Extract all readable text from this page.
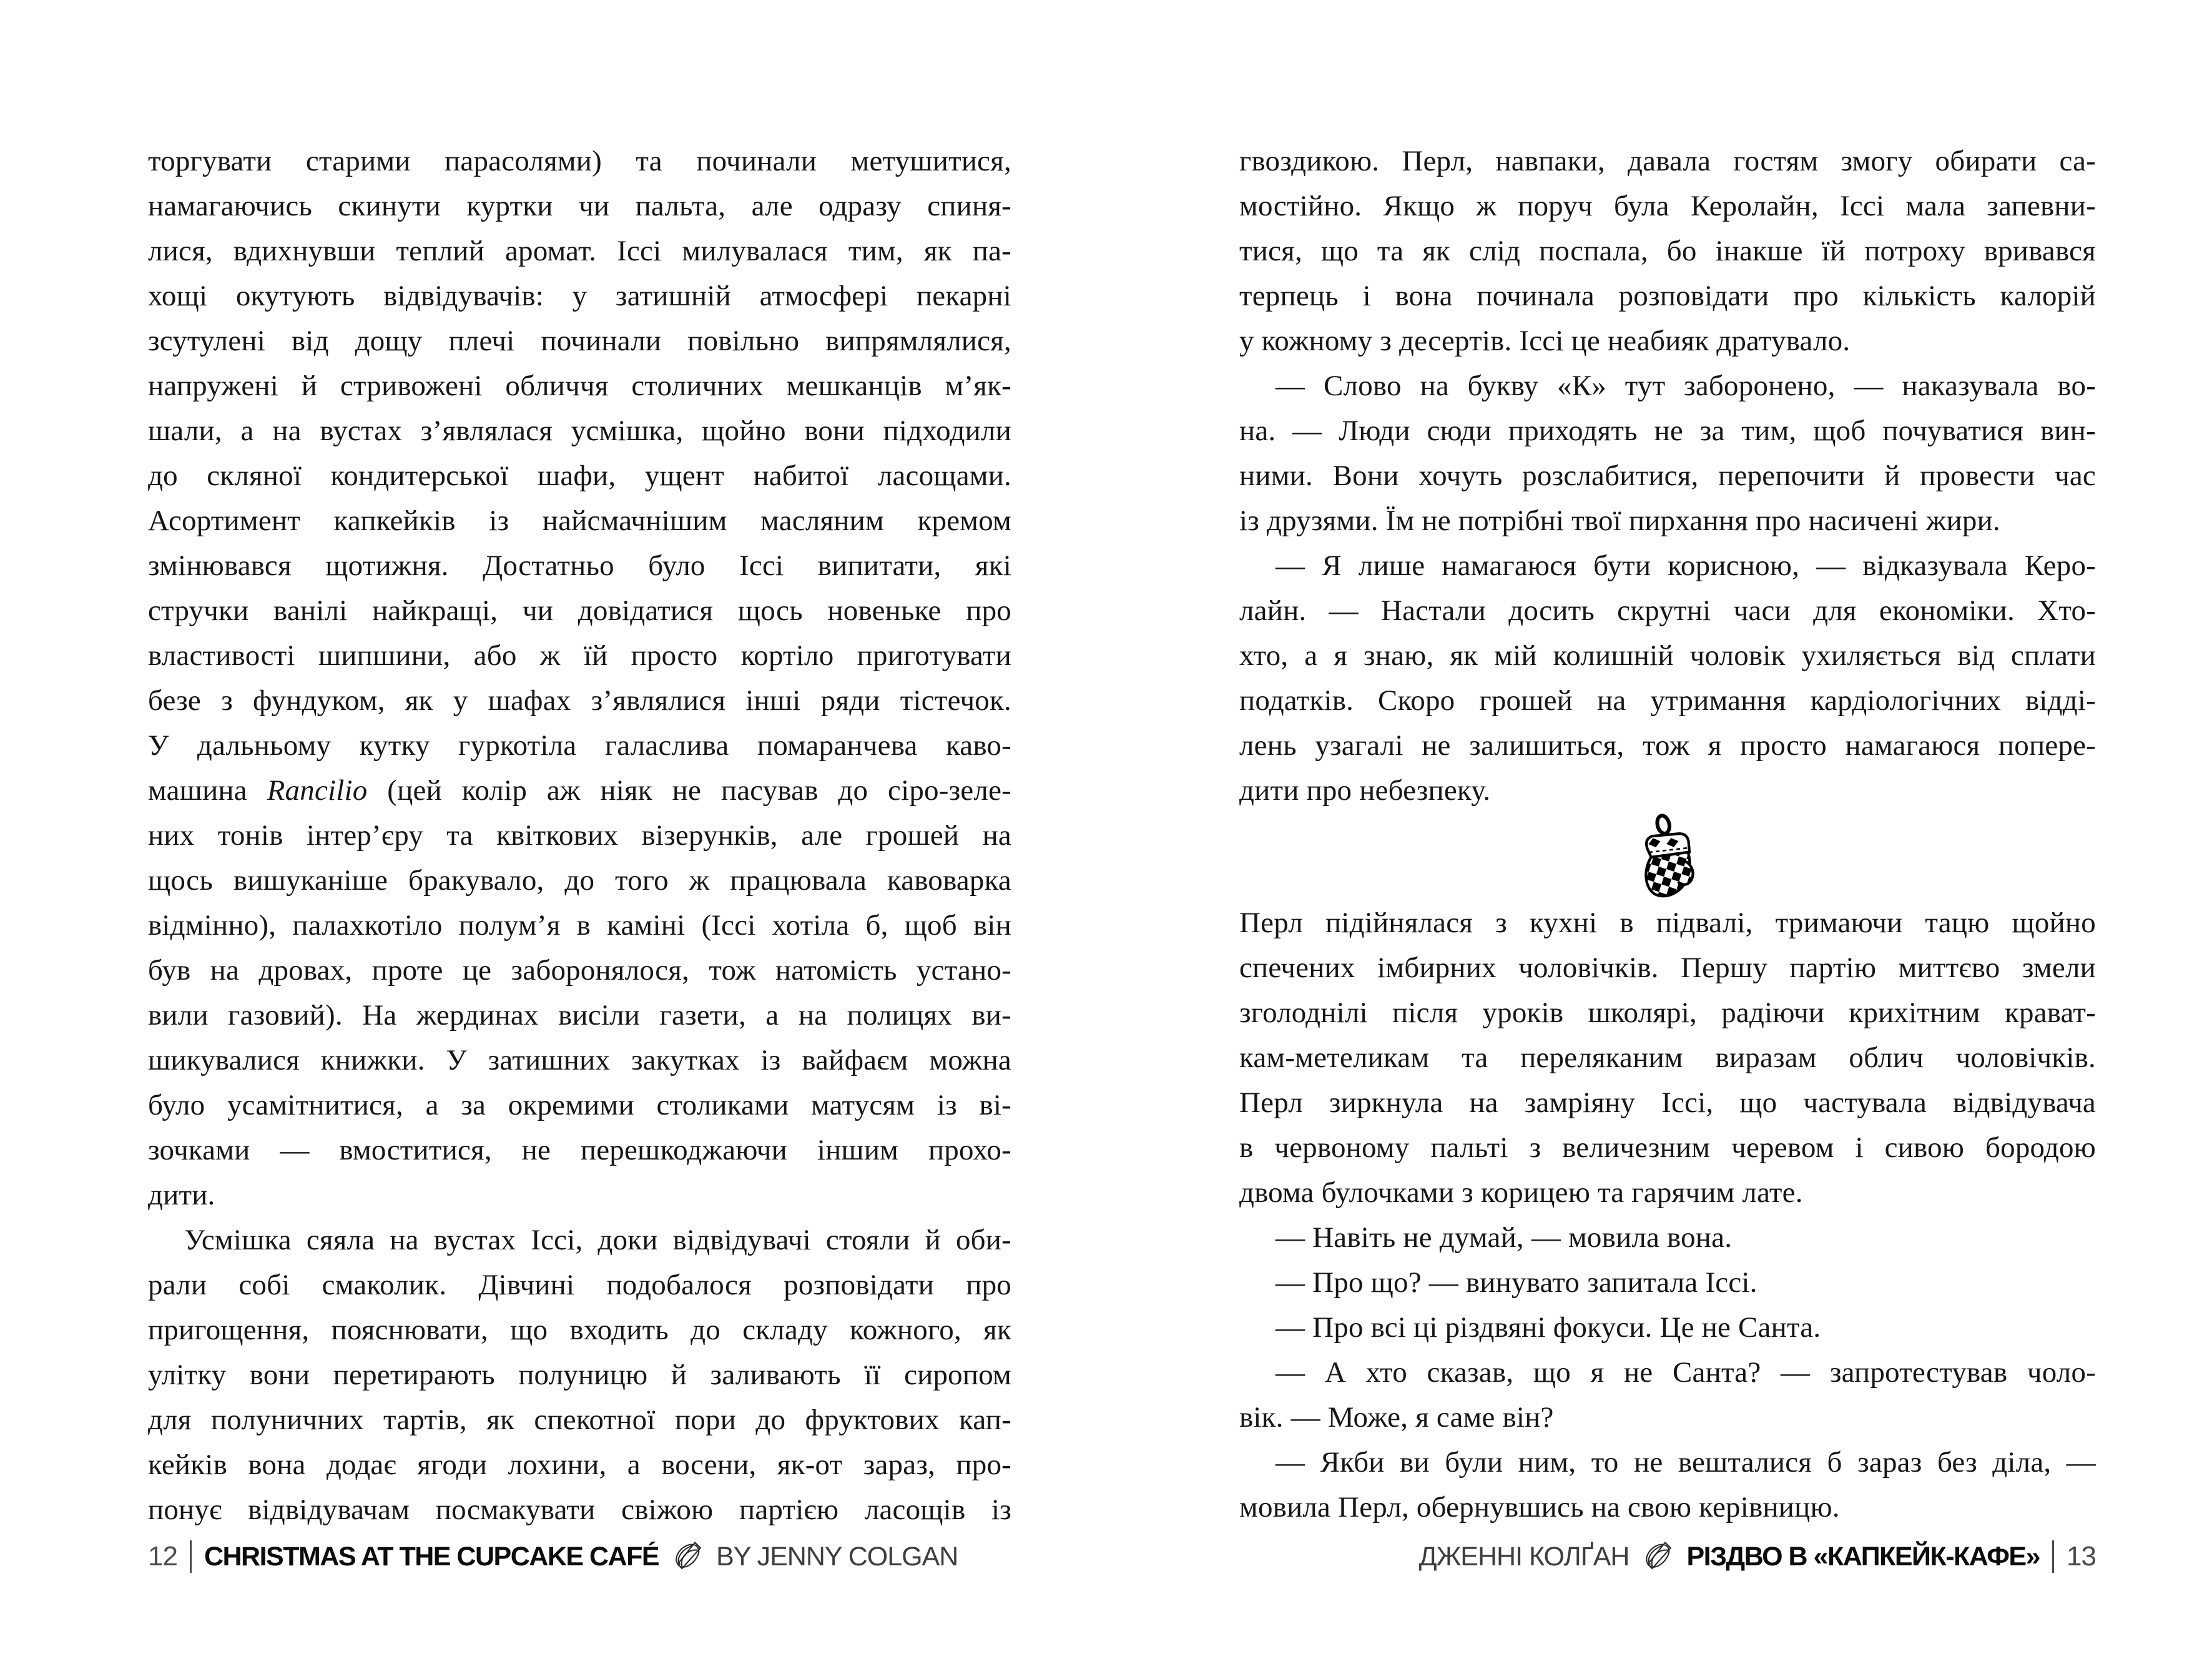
торгувати старими парасолями) та починали метушитися,
намагаючись скинути куртки чи пальта, але одразу спиня-
лися, вдихнувши теплий аромат. Іссі милувалася тим, як па-
хощі окутують відвідувачів: у затишній атмосфері пекарні
зсутулені від дощу плечі починали повільно випрямлялися,
напружені й стривожені обличчя столичних мешканців м’як-
шали, а на вустах з’являлася усмішка, щойно вони підходили
до скляної кондитерської шафи, ущент набитої ласощами.
Асортимент капкейків із найсмачнішим масляним кремом
змінювався щотижня. Достатньо було Іссі випитати, які
стручки ванілі найкращі, чи довідатися щось новеньке про
властивості шипшини, або ж їй просто кортіло приготувати
безе з фундуком, як у шафах з’являлися інші ряди тістечок.
У дальньому кутку гуркотіла галаслива помаранчева каво-
машина Rancilio (цей колір аж ніяк не пасував до сіро-зеле-
них тонів інтер’єру та квіткових візерунків, але грошей на
щось вишуканіше бракувало, до того ж працювала кавоварка
відмінно), палахкотіло полум’я в каміні (Іссі хотіла б, щоб він
був на дровах, проте це заборонялося, тож натомість устано-
вили газовий). На жердинах висіли газети, а на полицях ви-
шикувалися книжки. У затишних закутках із вайфаєм можна
було усамітнитися, а за окремими столиками матусям із ві-
зочками — вмоститися, не перешкоджаючи іншим прохо-
дити.
Усмішка сяяла на вустах Іссі, доки відвідувачі стояли й оби-
рали собі смаколик. Дівчині подобалося розповідати про
пригощення, пояснювати, що входить до складу кожного, як
улітку вони перетирають полуницю й заливають її сиропом
для полуничних тартів, як спекотної пори до фруктових кап-
кейків вона додає ягоди лохини, а восени, як-от зараз, про-
понує відвідувачам посмакувати свіжою партією ласощів із
гвоздикою. Перл, навпаки, давала гостям змогу обирати са-
мостійно. Якщо ж поруч була Керолайн, Іссі мала запевни-
тися, що та як слід поспала, бо інакше їй потроху вривався
терпець і вона починала розповідати про кількість калорій
у кожному з десертів. Іссі це неабияк дратувало.
— Слово на букву «К» тут заборонено, — наказувала во-
на. — Люди сюди приходять не за тим, щоб почуватися вин-
ними. Вони хочуть розслабитися, перепочити й провести час
із друзями. Їм не потрібні твої пирхання про насичені жири.
— Я лише намагаюся бути корисною, — відказувала Керо-
лайн. — Настали досить скрутні часи для економіки. Хто-
хто, а я знаю, як мій колишній чоловік ухиляється від сплати
податків. Скоро грошей на утримання кардіологічних відді-
лень узагалі не залишиться, тож я просто намагаюся попере-
дити про небезпеку.
Перл підійнялася з кухні в підвалі, тримаючи тацю щойно
спечених імбирних чоловічків. Першу партію миттєво змели
зголоднілі після уроків школярі, радіючи крихітним крават-
кам-метеликам та переляканим виразам облич чоловічків.
Перл зиркнула на замріяну Іссі, що частувала відвідувача
в червоному пальті з величезним черевом і сивою бородою
двома булочками з корицею та гарячим лате.
— Навіть не думай, — мовила вона.
— Про що? — винувато запитала Іссі.
— Про всі ці різдвяні фокуси. Це не Санта.
— А хто сказав, що я не Санта? — запротестував чоло-
вік. — Може, я саме він?
— Якби ви були ним, то не вешталися б зараз без діла, —
мовила Перл, обернувшись на свою керівницю.
12 CHRISTMAS AT THE CUPCAKE CAFÉ BY JENNY COLGAN	ДЖЕННІ КОЛҐАН РІЗДВО В «КАПКЕЙК-КАФЕ» 13
